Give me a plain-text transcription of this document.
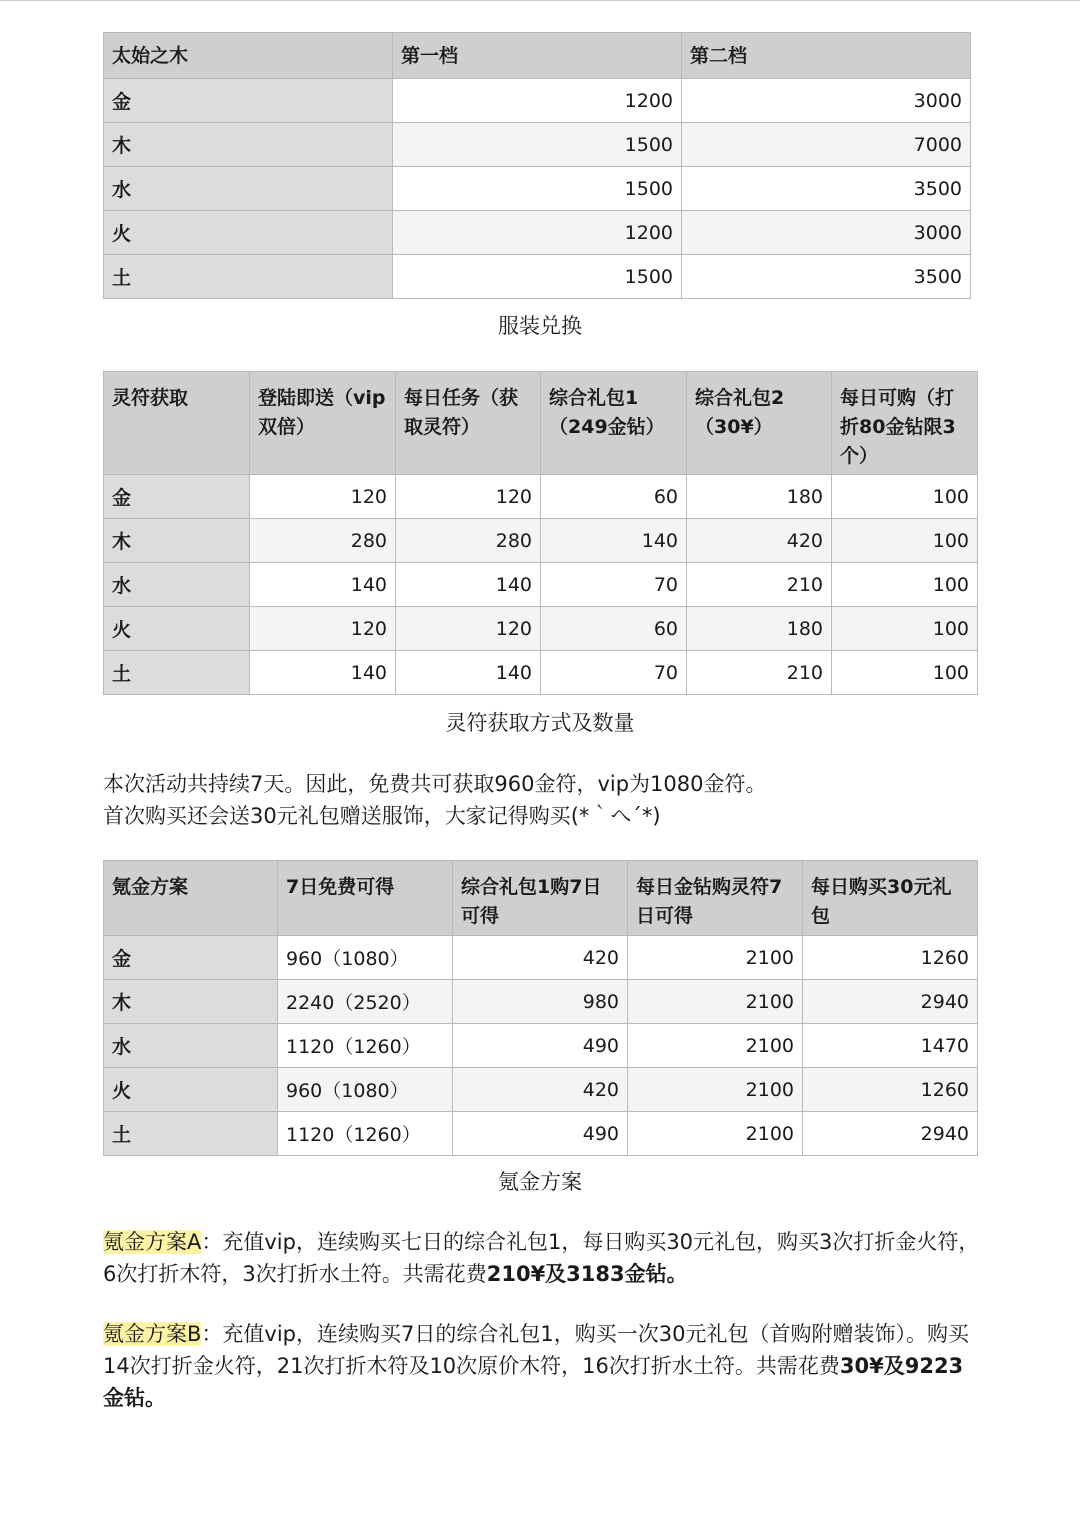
太始之木	第一档	第二档
金	1200	3000
木	1500	7000
水	1500	3500
火	1200	3000
土	1500	3500
服装兑换
灵符获取	登陆即送（vip双倍）	每日任务（获取灵符）	综合礼包1（249金钻）	综合礼包2（30¥）	每日可购（打折80金钻限3个）
金	120	120	60	180	100
木	280	280	140	420	100
水	140	140	70	210	100
火	120	120	60	180	100
土	140	140	70	210	100
灵符获取方式及数量
本次活动共持续7天。因此，免费共可获取960金符，vip为1080金符。
首次购买还会送30元礼包赠送服饰，大家记得购买(*｀へ´*)
氪金方案	7日免费可得	综合礼包1购7日可得	每日金钻购灵符7日可得	每日购买30元礼包
金	960（1080）	420	2100	1260
木	2240（2520）	980	2100	2940
水	1120（1260）	490	2100	1470
火	960（1080）	420	2100	1260
土	1120（1260）	490	2100	2940
氪金方案
氪金方案A：充值vip，连续购买七日的综合礼包1，每日购买30元礼包，购买3次打折金火符，6次打折木符，3次打折水土符。共需花费210¥及3183金钻。
氪金方案B：充值vip，连续购买7日的综合礼包1，购买一次30元礼包（首购附赠装饰）。购买14次打折金火符，21次打折木符及10次原价木符，16次打折水土符。共需花费30¥及9223金钻。
